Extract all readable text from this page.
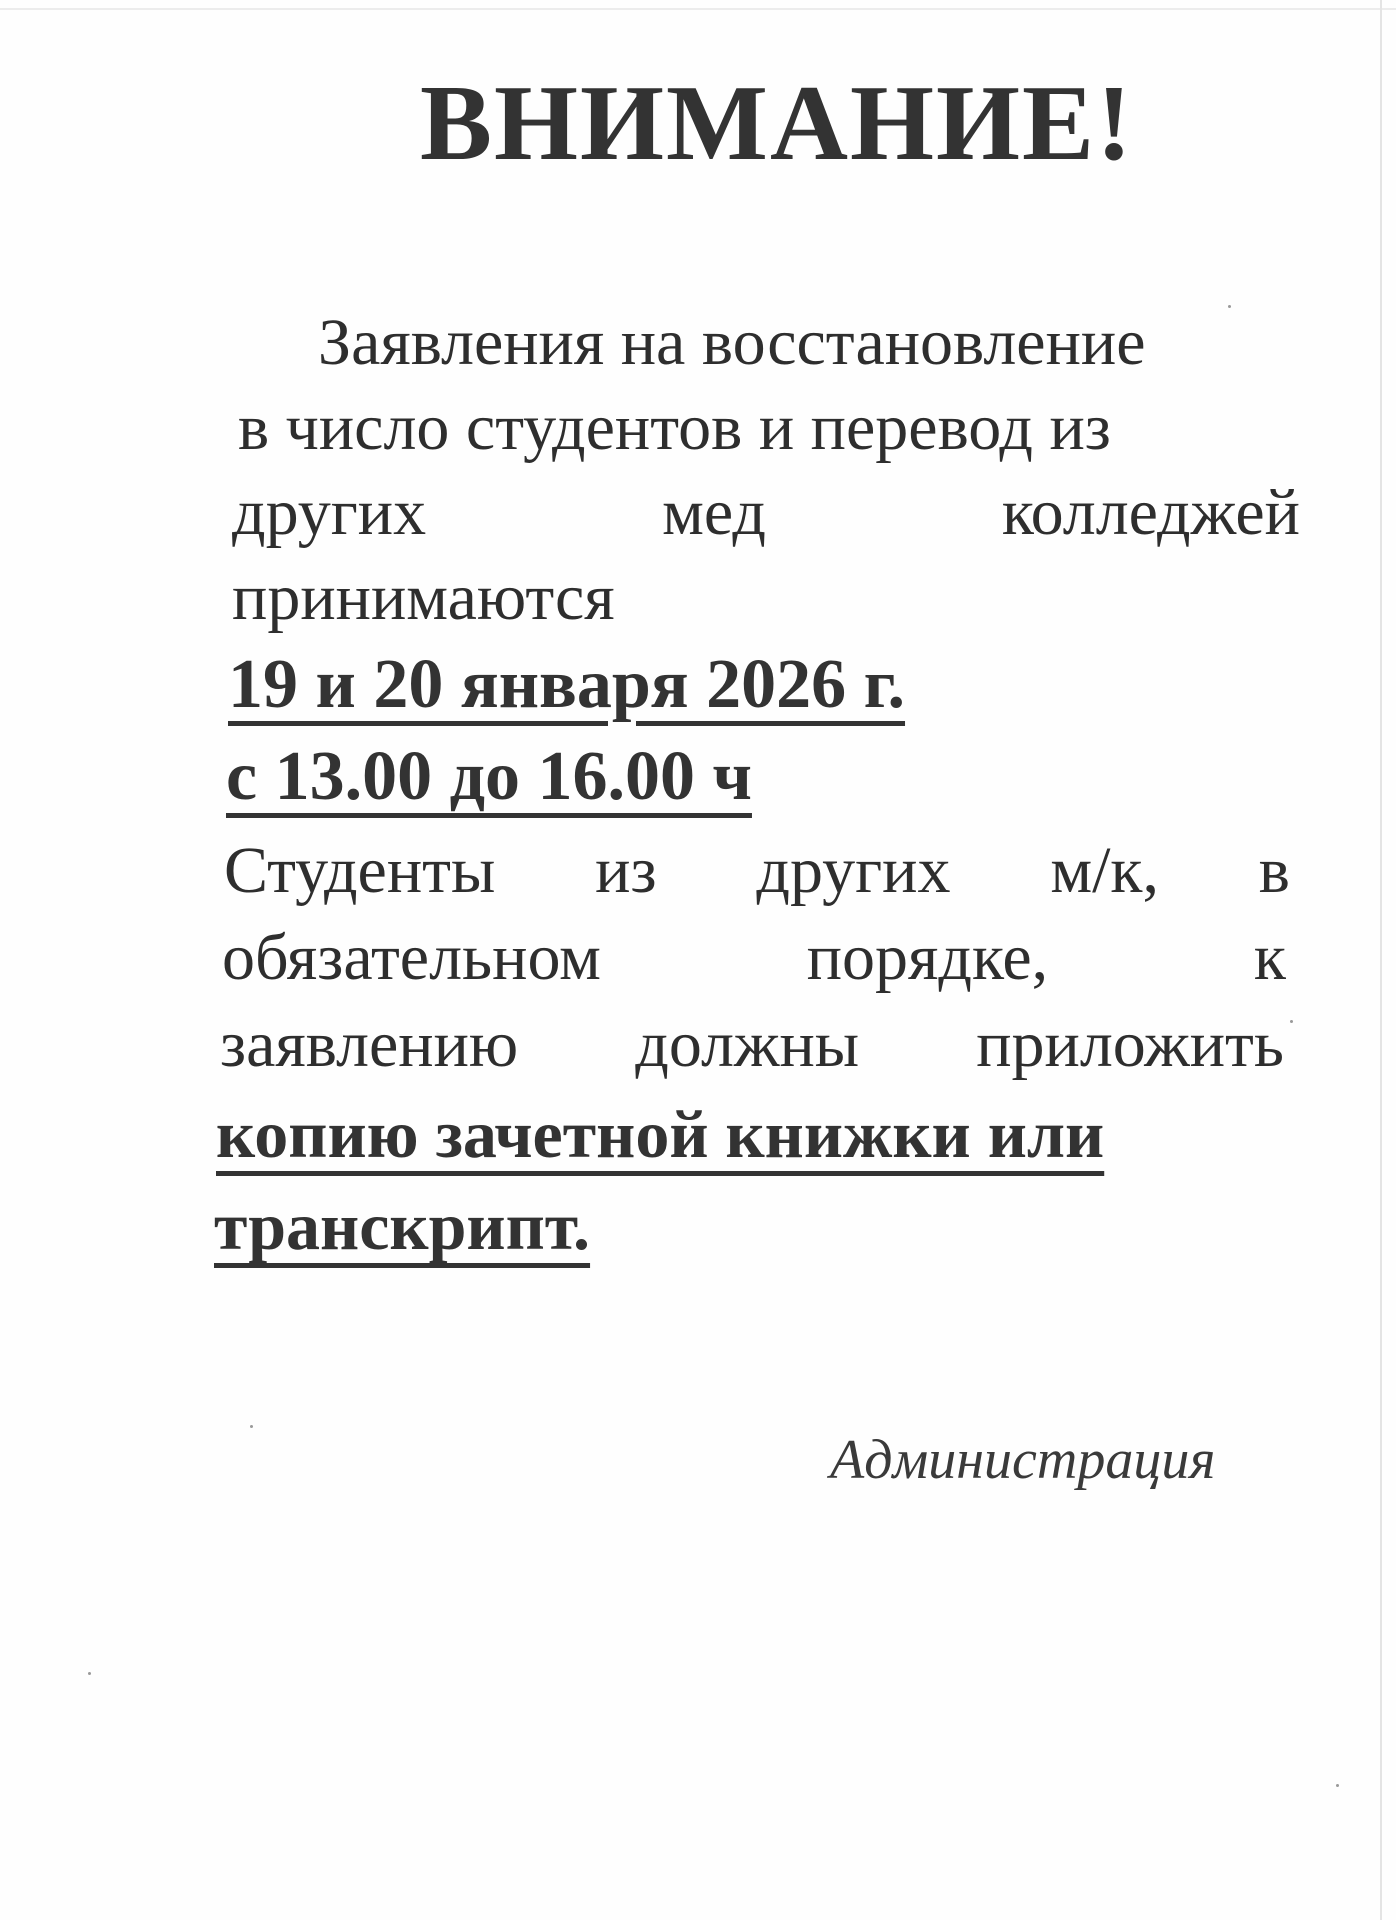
ВНИМАНИЕ!
Заявления на восстановление
в число студентов и перевод из
других	мед	колледжей
принимаются
19 и 20 января 2026 г.
с 13.00 до 16.00 ч
Студенты из других м/к, в
обязательном	порядке,	к
заявлению должны приложить
копию зачетной книжки или
транскрипт.
Администрация
